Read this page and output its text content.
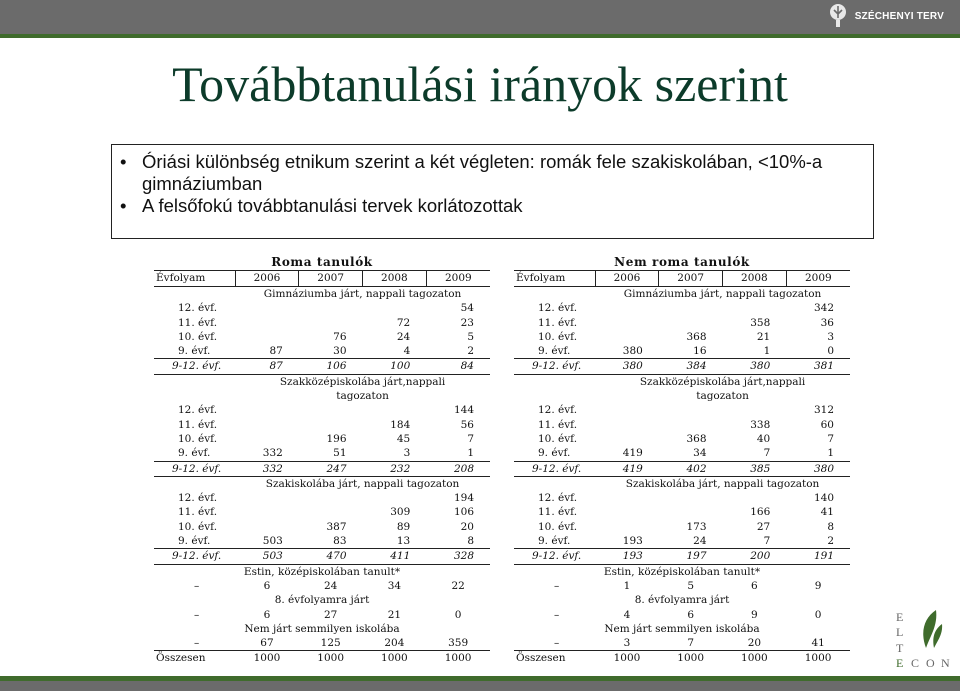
SZÉCHENYI TERV
Továbbtanulási irányok szerint
• Óriási különbség etnikum szerint a két végleten: romák fele szakiskolában, <10%-a gimnáziumban
• A felsőfokú továbbtanulási tervek korlátozottak
Roma tanulók
Évfolyam	2006	2007	2008	2009
	Gimnáziumba járt, nappali tagozaton			
12. évf.				54
11. évf.			72	23
10. évf.		76	24	5
9. évf.	87	30	4	2
9-12. évf.	87	106	100	84
	Szakközépiskolába járt,nappali			
	tagozaton			
12. évf.				144
11. évf.			184	56
10. évf.		196	45	7
9. évf.	332	51	3	1
9-12. évf.	332	247	232	208
	Szakiskolába járt, nappali tagozaton			
12. évf.				194
11. évf.			309	106
10. évf.		387	89	20
9. évf.	503	83	13	8
9-12. évf.	503	470	411	328
Estin, középiskolában tanult*				
–	6	24	34	22
8. évfolyamra járt				
–	6	27	21	0
Nem járt semmilyen iskolába				
–	67	125	204	359
Összesen	1000	1000	1000	1000
Nem roma tanulók
Évfolyam	2006	2007	2008	2009
	Gimnáziumba járt, nappali tagozaton			
12. évf.				342
11. évf.			358	36
10. évf.		368	21	3
9. évf.	380	16	1	0
9-12. évf.	380	384	380	381
	Szakközépiskolába járt,nappali			
	tagozaton			
12. évf.				312
11. évf.			338	60
10. évf.		368	40	7
9. évf.	419	34	7	1
9-12. évf.	419	402	385	380
	Szakiskolába járt, nappali tagozaton			
12. évf.				140
11. évf.			166	41
10. évf.		173	27	8
9. évf.	193	24	7	2
9-12. évf.	193	197	200	191
Estin, középiskolában tanult*				
–	1	5	6	9
8. évfolyamra járt				
–	4	6	9	0
Nem járt semmilyen iskolába				
–	3	7	20	41
Összesen	1000	1000	1000	1000
E
L
T
E C O N
